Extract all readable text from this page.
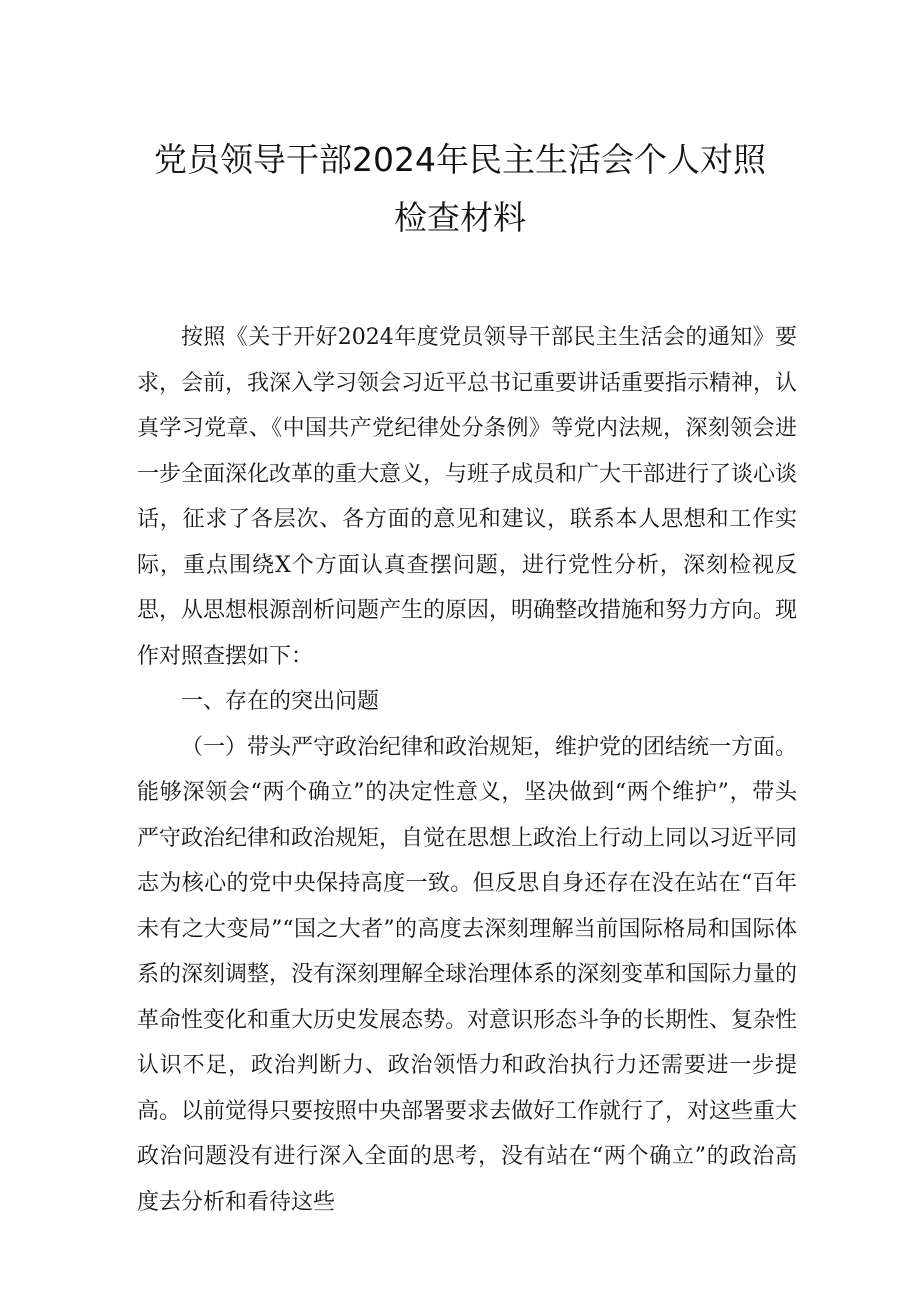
党员领导干部2024年民主生活会个人对照
检查材料

按照《关于开好2024年度党员领导干部民主生活会的通知》要求，会前，我深入学习领会习近平总书记重要讲话重要指示精神，认真学习党章、《中国共产党纪律处分条例》等党内法规，深刻领会进一步全面深化改革的重大意义，与班子成员和广大干部进行了谈心谈话，征求了各层次、各方面的意见和建议，联系本人思想和工作实际，重点围绕X个方面认真查摆问题，进行党性分析，深刻检视反思，从思想根源剖析问题产生的原因，明确整改措施和努力方向。现作对照查摆如下：

一、存在的突出问题

（一）带头严守政治纪律和政治规矩，维护党的团结统一方面。能够深领会“两个确立”的决定性意义，坚决做到“两个维护”，带头严守政治纪律和政治规矩，自觉在思想上政治上行动上同以习近平同志为核心的党中央保持高度一致。但反思自身还存在没在站在“百年未有之大变局”“国之大者”的高度去深刻理解当前国际格局和国际体系的深刻调整，没有深刻理解全球治理体系的深刻变革和国际力量的革命性变化和重大历史发展态势。对意识形态斗争的长期性、复杂性认识不足，政治判断力、政治领悟力和政治执行力还需要进一步提高。以前觉得只要按照中央部署要求去做好工作就行了，对这些重大政治问题没有进行深入全面的思考，没有站在“两个确立”的政治高度去分析和看待这些
